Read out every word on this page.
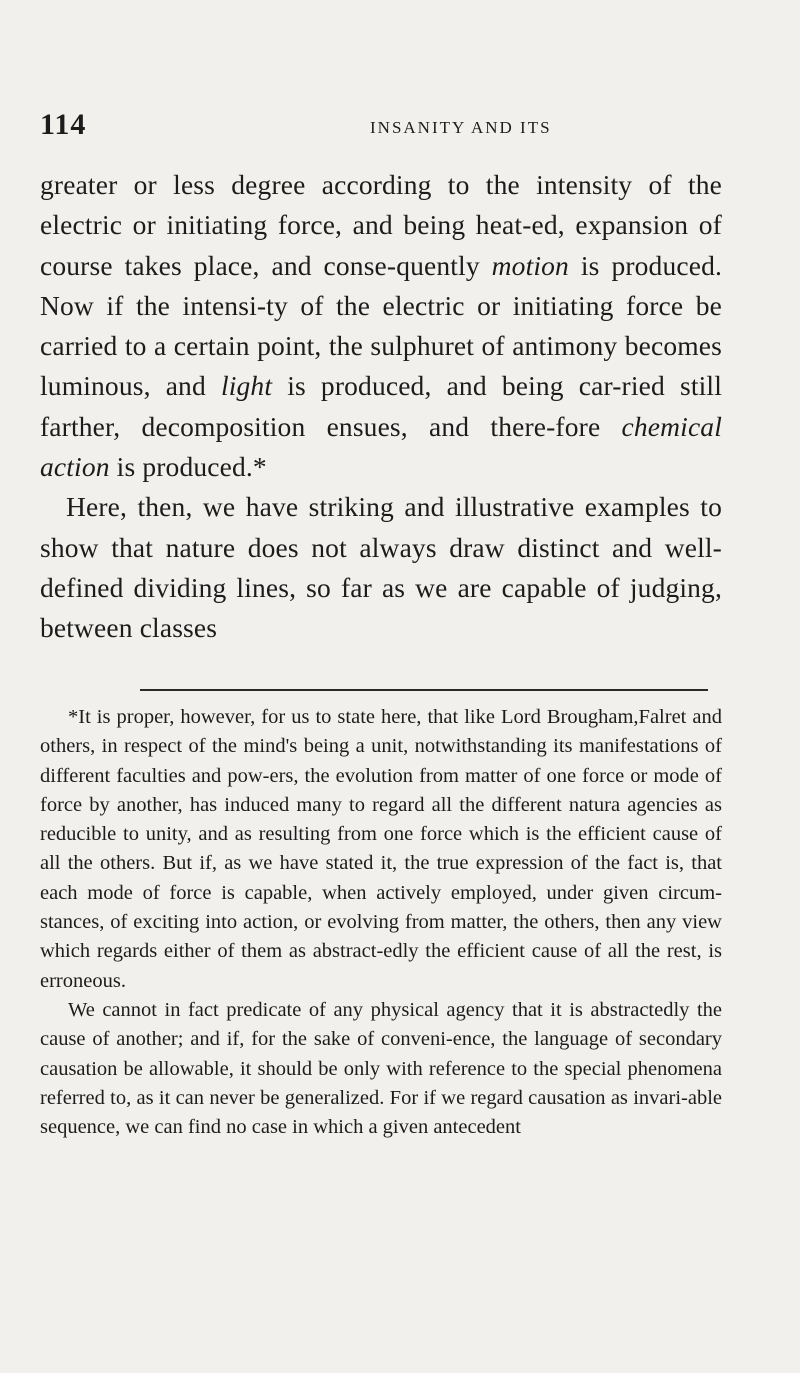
114	INSANITY AND ITS

greater or less degree according to the intensity of the electric or initiating force, and being heat-ed, expansion of course takes place, and conse-quently motion is produced. Now if the intensi-ty of the electric or initiating force be carried to a certain point, the sulphuret of antimony becomes luminous, and light is produced, and being car-ried still farther, decomposition ensues, and there-fore chemical action is produced.*

Here, then, we have striking and illustrative examples to show that nature does not always draw distinct and well-defined dividing lines, so far as we are capable of judging, between classes

*It is proper, however, for us to state here, that like Lord Brougham,Falret and others, in respect of the mind's being a unit, notwithstanding its manifestations of different faculties and pow-ers, the evolution from matter of one force or mode of force by another, has induced many to regard all the different natura agencies as reducible to unity, and as resulting from one force which is the efficient cause of all the others. But if, as we have stated it, the true expression of the fact is, that each mode of force is capable, when actively employed, under given circum-stances, of exciting into action, or evolving from matter, the others, then any view which regards either of them as abstract-edly the efficient cause of all the rest, is erroneous.

We cannot in fact predicate of any physical agency that it is abstractedly the cause of another; and if, for the sake of conveni-ence, the language of secondary causation be allowable, it should be only with reference to the special phenomena referred to, as it can never be generalized. For if we regard causation as invari-able sequence, we can find no case in which a given antecedent
